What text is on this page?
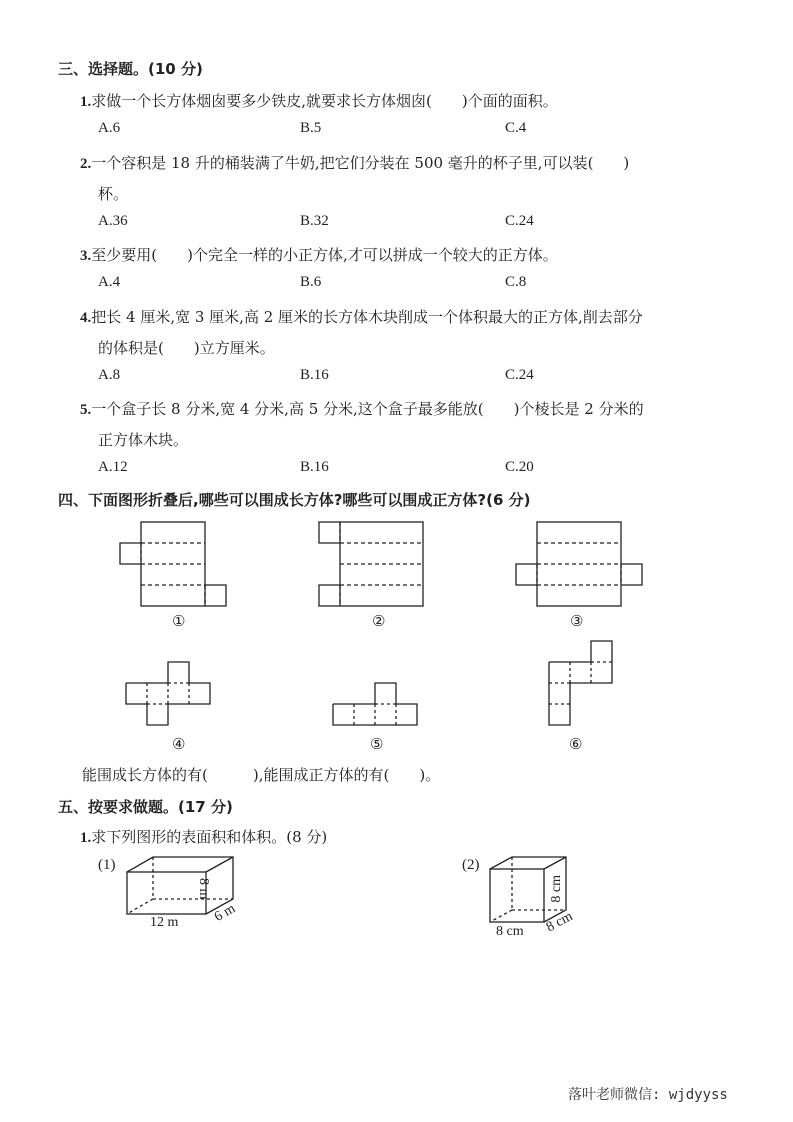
三、选择题。(10 分)
1.求做一个长方体烟囱要多少铁皮,就要求长方体烟囱(　　)个面的面积。
A.6	B.5	C.4
2.一个容积是 18 升的桶装满了牛奶,把它们分装在 500 毫升的杯子里,可以装(　　)
杯。
A.36	B.32	C.24
3.至少要用(　　)个完全一样的小正方体,才可以拼成一个较大的正方体。
A.4	B.6	C.8
4.把长 4 厘米,宽 3 厘米,高 2 厘米的长方体木块削成一个体积最大的正方体,削去部分
的体积是(　　)立方厘米。
A.8	B.16	C.24
5.一个盒子长 8 分米,宽 4 分米,高 5 分米,这个盒子最多能放(　　)个棱长是 2 分米的
正方体木块。
A.12	B.16	C.20
四、下面图形折叠后,哪些可以围成长方体?哪些可以围成正方体?(6 分)
①	②	③
④	⑤	⑥
能围成长方体的有(　　　),能围成正方体的有(　　)。
五、按要求做题。(17 分)
1.求下列图形的表面积和体积。(8 分)
(1)
8 m
12 m 6 m
(2)
8 cm
8 cm 8 cm
落叶老师微信: wjdyyss
